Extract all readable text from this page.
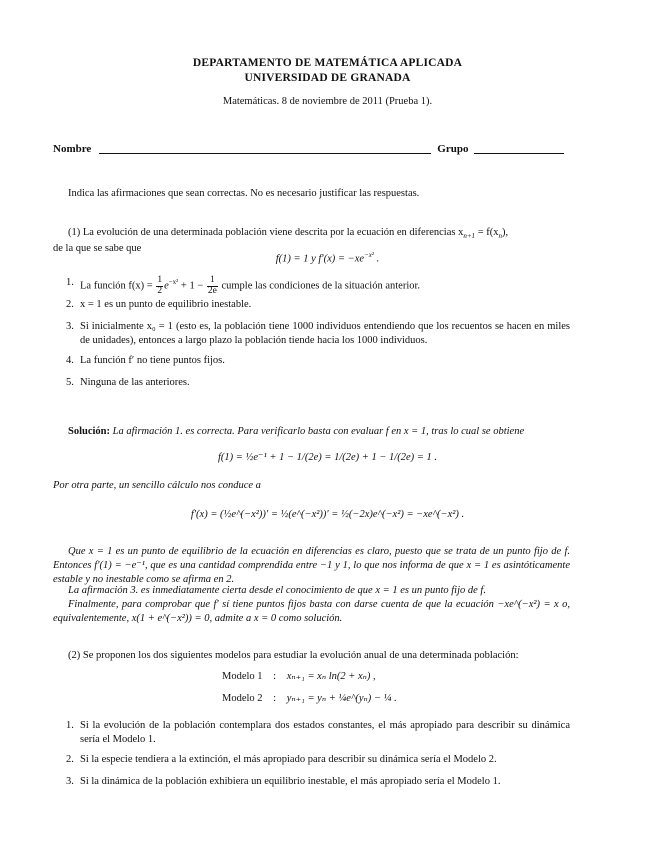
DEPARTAMENTO DE MATEMÁTICA APLICADA
UNIVERSIDAD DE GRANADA
Matemáticas. 8 de noviembre de 2011 (Prueba 1).
Nombre	Grupo
Indica las afirmaciones que sean correctas. No es necesario justificar las respuestas.
(1) La evolución de una determinada población viene descrita por la ecuación en diferencias $x_{n+1} = f(x_n)$,
de la que se sabe que
f(1) = 1 y $f'(x) = -xe^{-x^2}$ .
1. La función $f(x) = \frac{1}{2} e^{-x^2} + 1 - \frac{1}{2e}$ cumple las condiciones de la situación anterior.
2. x = 1 es un punto de equilibrio inestable.
3. Si inicialmente x₀ = 1 (esto es, la población tiene 1000 individuos entendiendo que los recuentos se hacen en miles de unidades), entonces a largo plazo la población tiende hacia los 1000 individuos.
4. La función f′ no tiene puntos fijos.
5. Ninguna de las anteriores.
Solución: La afirmación 1. es correcta. Para verificarlo basta con evaluar f en x = 1, tras lo cual se obtiene
f(1) = ½e⁻¹ + 1 − 1/(2e) = 1/(2e) + 1 − 1/(2e) = 1 .
Por otra parte, un sencillo cálculo nos conduce a
f′(x) = (½e^(−x²))′ = ½(e^(−x²))′ = ½(−2x)e^(−x²) = −xe^(−x²) .
Que x = 1 es un punto de equilibrio de la ecuación en diferencias es claro, puesto que se trata de un punto fijo de f. Entonces f′(1) = −e⁻¹, que es una cantidad comprendida entre −1 y 1, lo que nos informa de que x = 1 es asintóticamente estable y no inestable como se afirma en 2.
La afirmación 3. es inmediatamente cierta desde el conocimiento de que x = 1 es un punto fijo de f.
Finalmente, para comprobar que f′ sí tiene puntos fijos basta con darse cuenta de que la ecuación −xe^(−x²) = x o, equivalentemente, x(1 + e^(−x²)) = 0, admite a x = 0 como solución.
(2) Se proponen los dos siguientes modelos para estudiar la evolución anual de una determinada población:
Modelo 1 : xₙ₊₁ = xₙ ln(2 + xₙ) ,
Modelo 2 : yₙ₊₁ = yₙ + ¼e^(yₙ) − ¼ .
1. Si la evolución de la población contemplara dos estados constantes, el más apropiado para describir su dinámica sería el Modelo 1.
2. Si la especie tendiera a la extinción, el más apropiado para describir su dinámica sería el Modelo 2.
3. Si la dinámica de la población exhibiera un equilibrio inestable, el más apropiado sería el Modelo 1.
